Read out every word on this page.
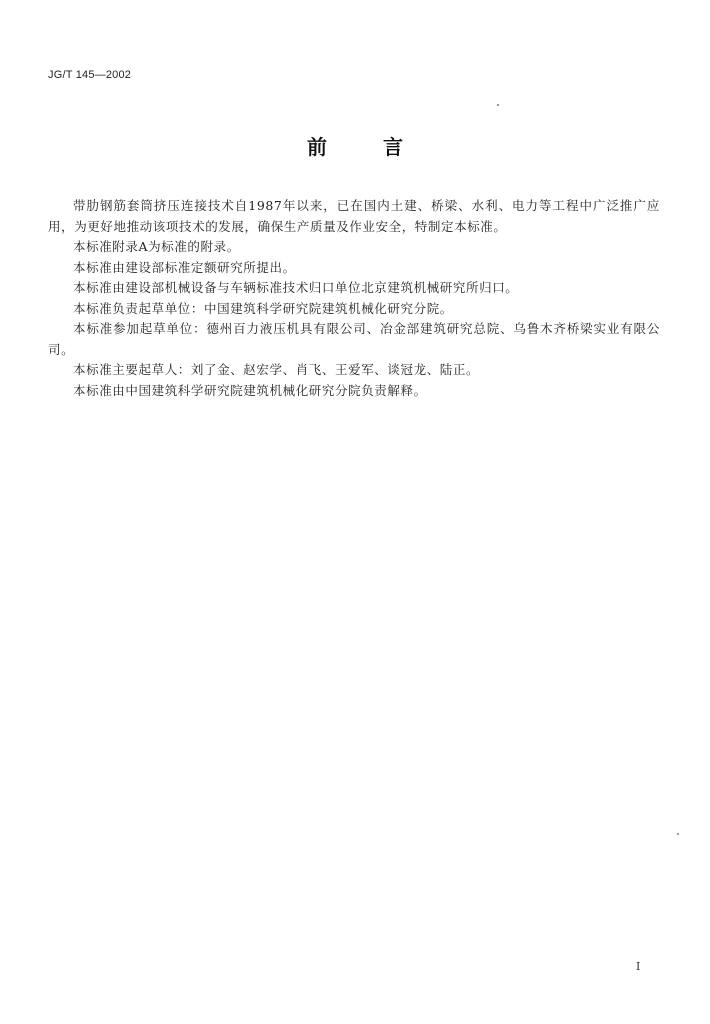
JG/T 145—2002
前	言

带肋钢筋套筒挤压连接技术自1987年以来，已在国内土建、桥梁、水利、电力等工程中广泛推广应用，为更好地推动该项技术的发展，确保生产质量及作业安全，特制定本标准。

本标准附录A为标准的附录。

本标准由建设部标准定额研究所提出。

本标准由建设部机械设备与车辆标准技术归口单位北京建筑机械研究所归口。

本标准负责起草单位：中国建筑科学研究院建筑机械化研究分院。

本标准参加起草单位：德州百力液压机具有限公司、冶金部建筑研究总院、乌鲁木齐桥梁实业有限公司。

本标准主要起草人：刘了金、赵宏学、肖飞、王爱军、谈冠龙、陆正。

本标准由中国建筑科学研究院建筑机械化研究分院负责解释。

I
